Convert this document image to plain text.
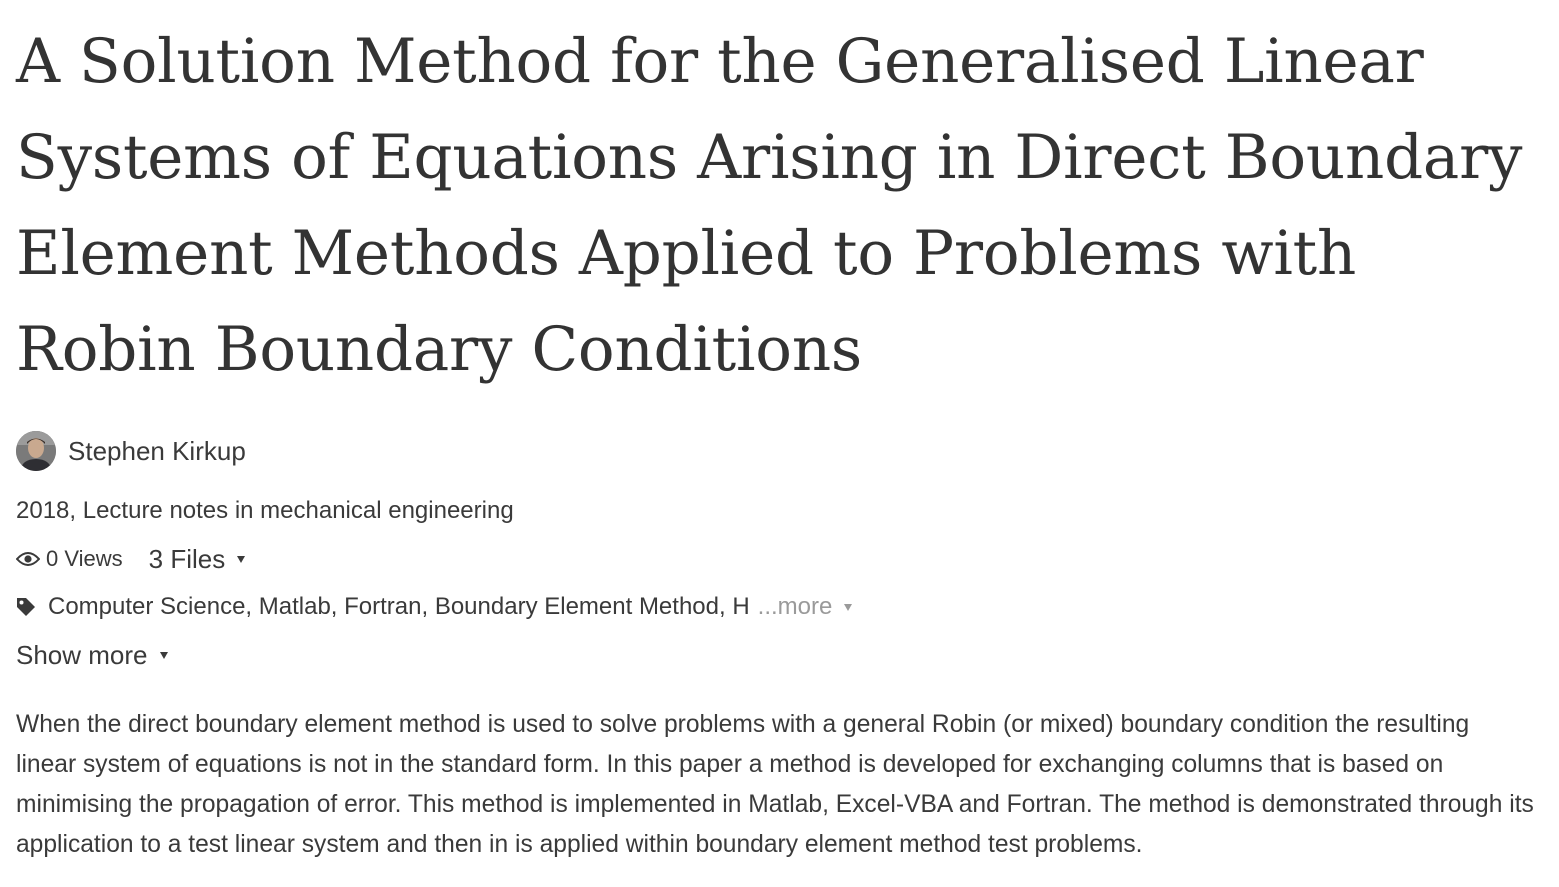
A Solution Method for the Generalised Linear Systems of Equations Arising in Direct Boundary Element Methods Applied to Problems with Robin Boundary Conditions
Stephen Kirkup
2018, Lecture notes in mechanical engineering
0 Views 3 Files
Computer Science, Matlab, Fortran, Boundary Element Method, H ...more
Show more

When the direct boundary element method is used to solve problems with a general Robin (or mixed) boundary condition the resulting linear system of equations is not in the standard form. In this paper a method is developed for exchanging columns that is based on minimising the propagation of error. This method is implemented in Matlab, Excel-VBA and Fortran. The method is demonstrated through its application to a test linear system and then in is applied within boundary element method test problems.
